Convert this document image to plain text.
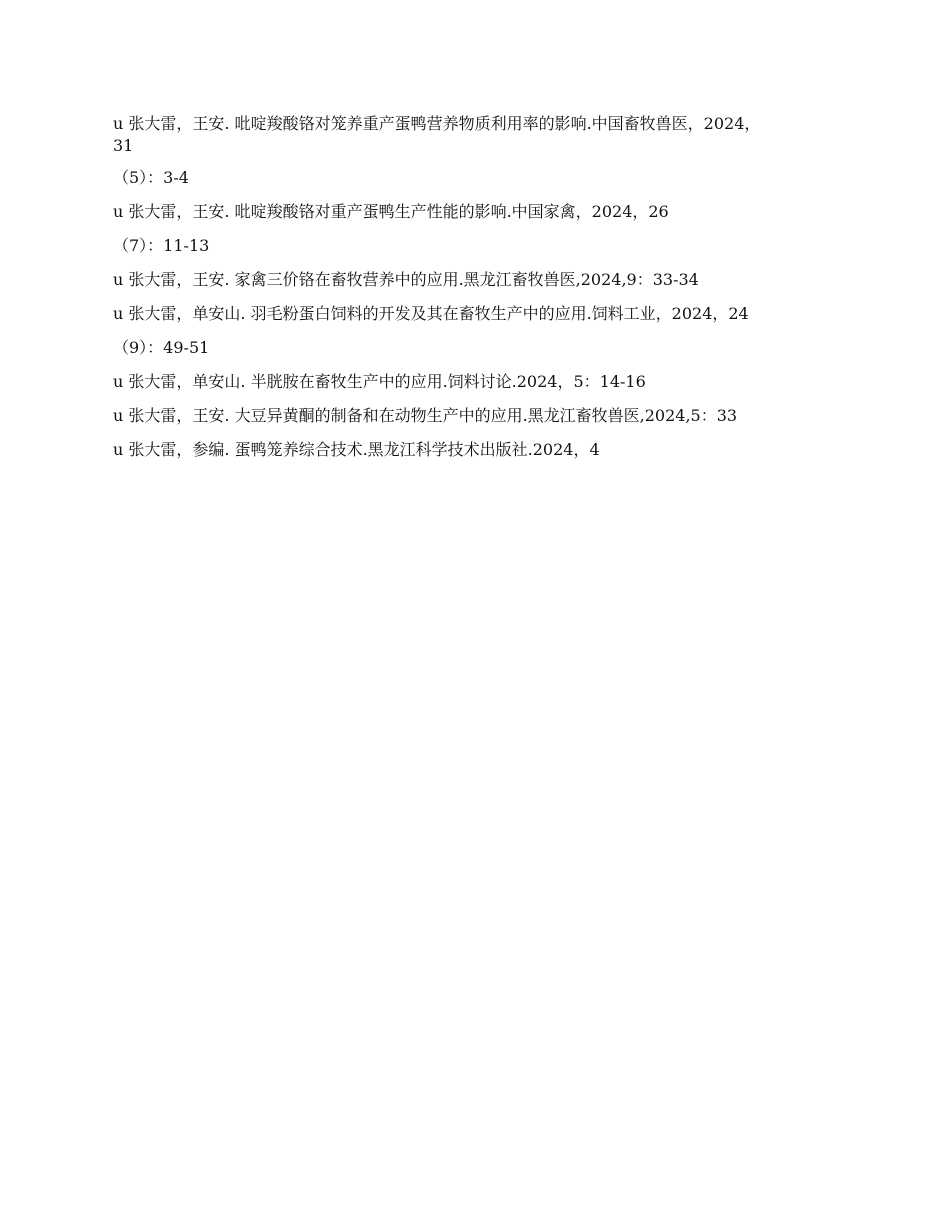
u 张大雷，王安. 吡啶羧酸铬对笼养重产蛋鸭营养物质利用率的影响.中国畜牧兽医，2024，31

（5）：3-4

u 张大雷，王安. 吡啶羧酸铬对重产蛋鸭生产性能的影响.中国家禽，2024，26

（7）：11-13

u 张大雷，王安. 家禽三价铬在畜牧营养中的应用.黑龙江畜牧兽医,2024,9：33-34

u 张大雷，单安山. 羽毛粉蛋白饲料的开发及其在畜牧生产中的应用.饲料工业，2024，24

（9）：49-51

u 张大雷，单安山. 半胱胺在畜牧生产中的应用.饲料讨论.2024，5：14-16

u 张大雷，王安. 大豆异黄酮的制备和在动物生产中的应用.黑龙江畜牧兽医,2024,5：33

u 张大雷，参编. 蛋鸭笼养综合技术.黑龙江科学技术出版社.2024，4
